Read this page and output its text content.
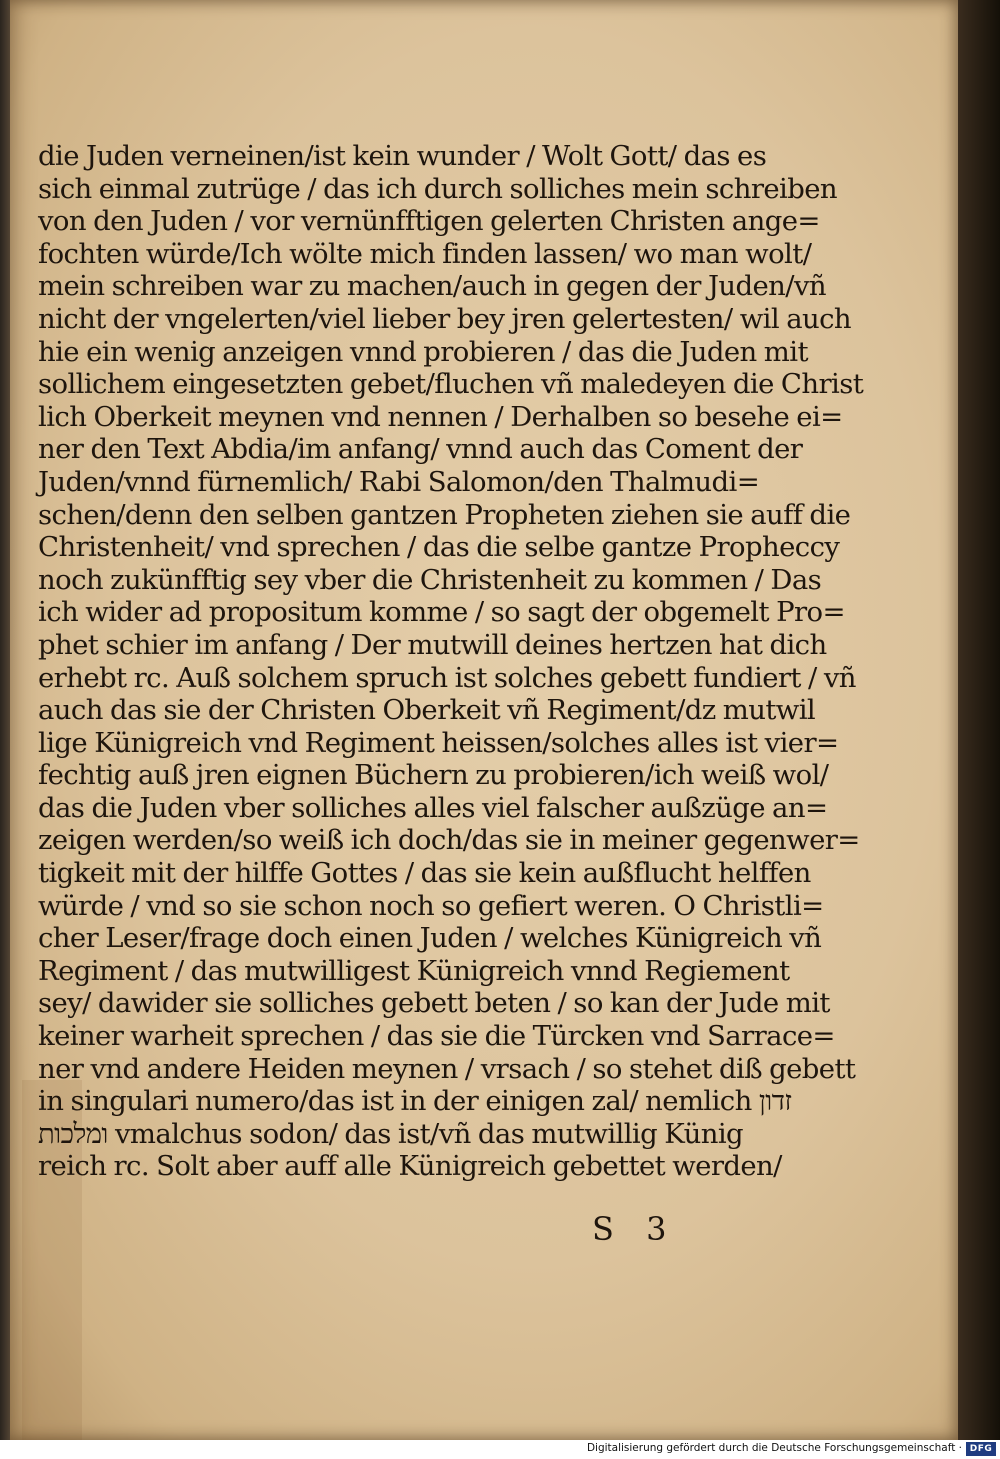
die Juden verneinen/ist kein wunder / Wolt Gott/ das es
sich einmal zutrüge / das ich durch solliches mein schreiben
von den Juden / vor vernünfftigen gelerten Christen ange=
fochten würde/Ich wölte mich finden lassen/ wo man wolt/
mein schreiben war zu machen/auch in gegen der Juden/vñ
nicht der vngelerten/viel lieber bey jren gelertesten/ wil auch
hie ein wenig anzeigen vnnd probieren / das die Juden mit
sollichem eingesetzten gebet/fluchen vñ maledeyen die Christ
lich Oberkeit meynen vnd nennen / Derhalben so besehe ei=
ner den Text Abdia/im anfang/ vnnd auch das Coment der
Juden/vnnd fürnemlich/ Rabi Salomon/den Thalmudi=
schen/denn den selben gantzen Propheten ziehen sie auff die
Christenheit/ vnd sprechen / das die selbe gantze Propheccy
noch zukünfftig sey vber die Christenheit zu kommen / Das
ich wider ad propositum komme / so sagt der obgemelt Pro=
phet schier im anfang / Der mutwill deines hertzen hat dich
erhebt rc. Auß solchem spruch ist solches gebett fundiert / vñ
auch das sie der Christen Oberkeit vñ Regiment/dz mutwil
lige Künigreich vnd Regiment heissen/solches alles ist vier=
fechtig auß jren eignen Büchern zu probieren/ich weiß wol/
das die Juden vber solliches alles viel falscher außzüge an=
zeigen werden/so weiß ich doch/das sie in meiner gegenwer=
tigkeit mit der hilffe Gottes / das sie kein außflucht helffen
würde / vnd so sie schon noch so gefiert weren. O Christli=
cher Leser/frage doch einen Juden / welches Künigreich vñ
Regiment / das mutwilligest Künigreich vnnd Regiement
sey/ dawider sie solliches gebett beten / so kan der Jude mit
keiner warheit sprechen / das sie die Türcken vnd Sarrace=
ner vnd andere Heiden meynen / vrsach / so stehet diß gebett
in singulari numero/das ist in der einigen zal/ nemlich זדון
ומלכות vmalchus sodon/ das ist/vñ das mutwillig Künig
reich rc. Solt aber auff alle Künigreich gebettet werden/
S 3
Digitalisierung gefördert durch die Deutsche Forschungsgemeinschaft · DFG
